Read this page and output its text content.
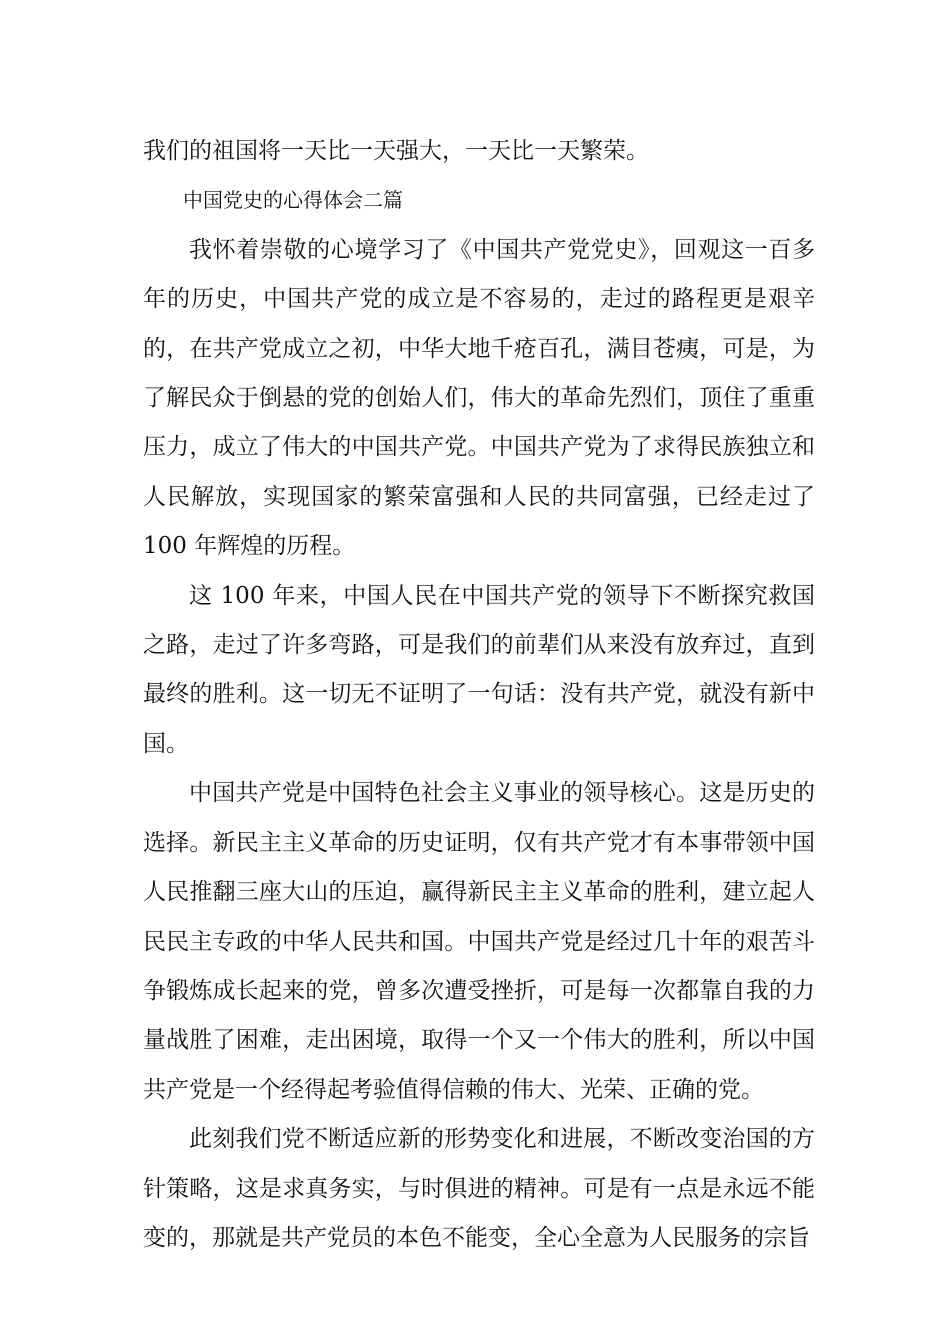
我们的祖国将一天比一天强大，一天比一天繁荣。

中国党史的心得体会二篇

我怀着崇敬的心境学习了《中国共产党党史》，回观这一百多年的历史，中国共产党的成立是不容易的，走过的路程更是艰辛的，在共产党成立之初，中华大地千疮百孔，满目苍痍，可是，为了解民众于倒悬的党的创始人们，伟大的革命先烈们，顶住了重重压力，成立了伟大的中国共产党。中国共产党为了求得民族独立和人民解放，实现国家的繁荣富强和人民的共同富强，已经走过了 100 年辉煌的历程。

这 100 年来，中国人民在中国共产党的领导下不断探究救国之路，走过了许多弯路，可是我们的前辈们从来没有放弃过，直到最终的胜利。这一切无不证明了一句话：没有共产党，就没有新中国。

中国共产党是中国特色社会主义事业的领导核心。这是历史的选择。新民主主义革命的历史证明，仅有共产党才有本事带领中国人民推翻三座大山的压迫，赢得新民主主义革命的胜利，建立起人民民主专政的中华人民共和国。中国共产党是经过几十年的艰苦斗争锻炼成长起来的党，曾多次遭受挫折，可是每一次都靠自我的力量战胜了困难，走出困境，取得一个又一个伟大的胜利，所以中国共产党是一个经得起考验值得信赖的伟大、光荣、正确的党。

此刻我们党不断适应新的形势变化和进展，不断改变治国的方针策略，这是求真务实，与时俱进的精神。可是有一点是永远不能变的，那就是共产党员的本色不能变，全心全意为人民服务的宗旨
